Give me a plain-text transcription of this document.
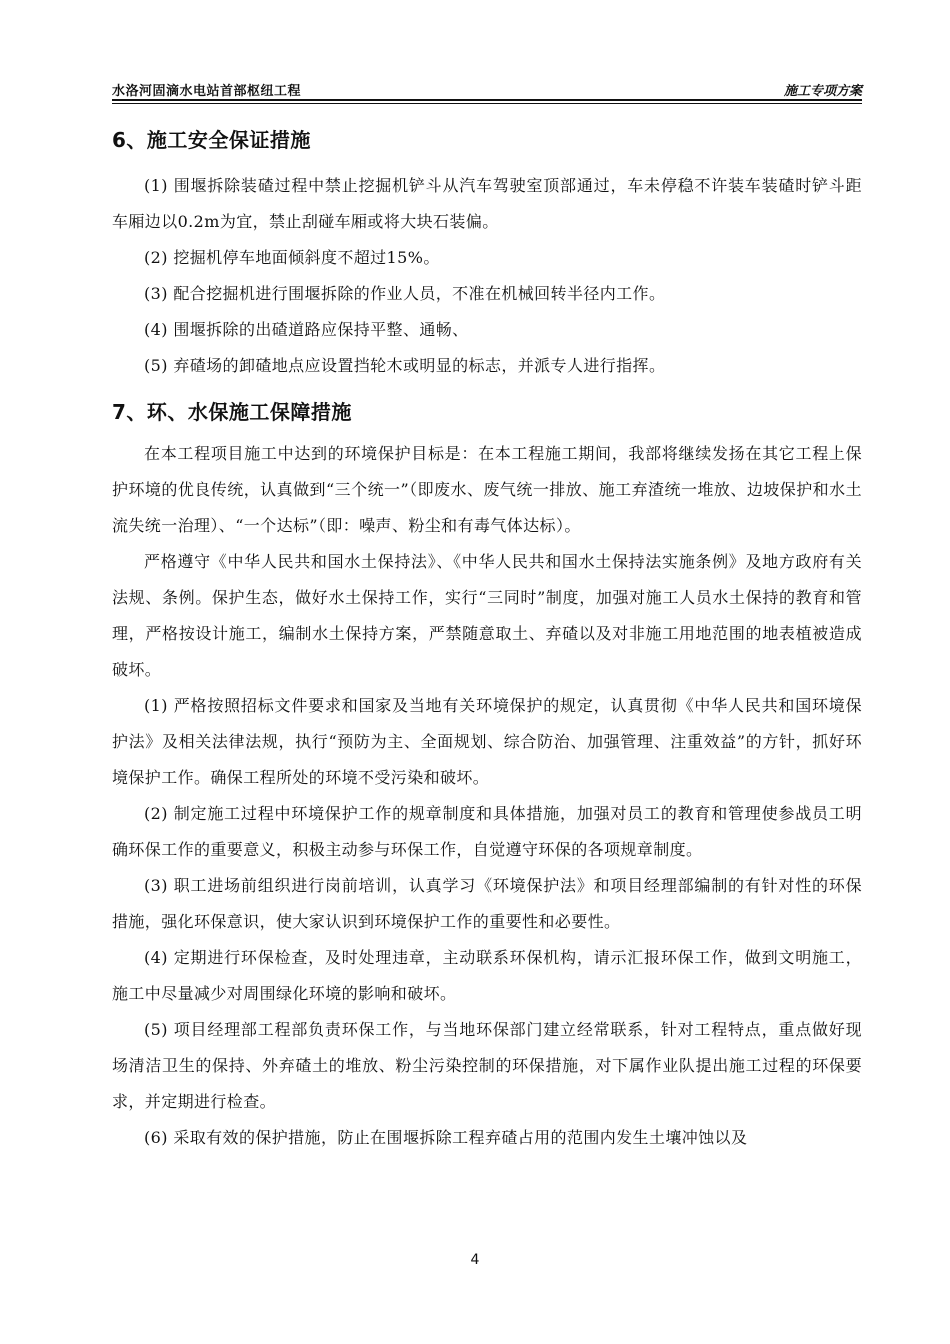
水洛河固滴水电站首部枢纽工程	施工专项方案
6、施工安全保证措施

(1) 围堰拆除装碴过程中禁止挖掘机铲斗从汽车驾驶室顶部通过，车未停稳不许装车装碴时铲斗距车厢边以0.2m为宜，禁止刮碰车厢或将大块石装偏。

(2) 挖掘机停车地面倾斜度不超过15%。

(3) 配合挖掘机进行围堰拆除的作业人员，不准在机械回转半径内工作。

(4) 围堰拆除的出碴道路应保持平整、通畅、

(5) 弃碴场的卸碴地点应设置挡轮木或明显的标志，并派专人进行指挥。

7、环、水保施工保障措施

在本工程项目施工中达到的环境保护目标是：在本工程施工期间，我部将继续发扬在其它工程上保护环境的优良传统，认真做到“三个统一”（即废水、废气统一排放、施工弃渣统一堆放、边坡保护和水土流失统一治理）、“一个达标”（即：噪声、粉尘和有毒气体达标）。

严格遵守《中华人民共和国水土保持法》、《中华人民共和国水土保持法实施条例》及地方政府有关法规、条例。保护生态，做好水土保持工作，实行“三同时”制度，加强对施工人员水土保持的教育和管理，严格按设计施工，编制水土保持方案，严禁随意取土、弃碴以及对非施工用地范围的地表植被造成破坏。

(1) 严格按照招标文件要求和国家及当地有关环境保护的规定，认真贯彻《中华人民共和国环境保护法》及相关法律法规，执行“预防为主、全面规划、综合防治、加强管理、注重效益”的方针，抓好环境保护工作。确保工程所处的环境不受污染和破坏。

(2) 制定施工过程中环境保护工作的规章制度和具体措施，加强对员工的教育和管理使参战员工明确环保工作的重要意义，积极主动参与环保工作，自觉遵守环保的各项规章制度。

(3) 职工进场前组织进行岗前培训，认真学习《环境保护法》和项目经理部编制的有针对性的环保措施，强化环保意识，使大家认识到环境保护工作的重要性和必要性。

(4) 定期进行环保检查，及时处理违章，主动联系环保机构，请示汇报环保工作，做到文明施工，施工中尽量减少对周围绿化环境的影响和破坏。

(5) 项目经理部工程部负责环保工作，与当地环保部门建立经常联系，针对工程特点，重点做好现场清洁卫生的保持、外弃碴土的堆放、粉尘污染控制的环保措施，对下属作业队提出施工过程的环保要求，并定期进行检查。

(6) 采取有效的保护措施，防止在围堰拆除工程弃碴占用的范围内发生土壤冲蚀以及

4
